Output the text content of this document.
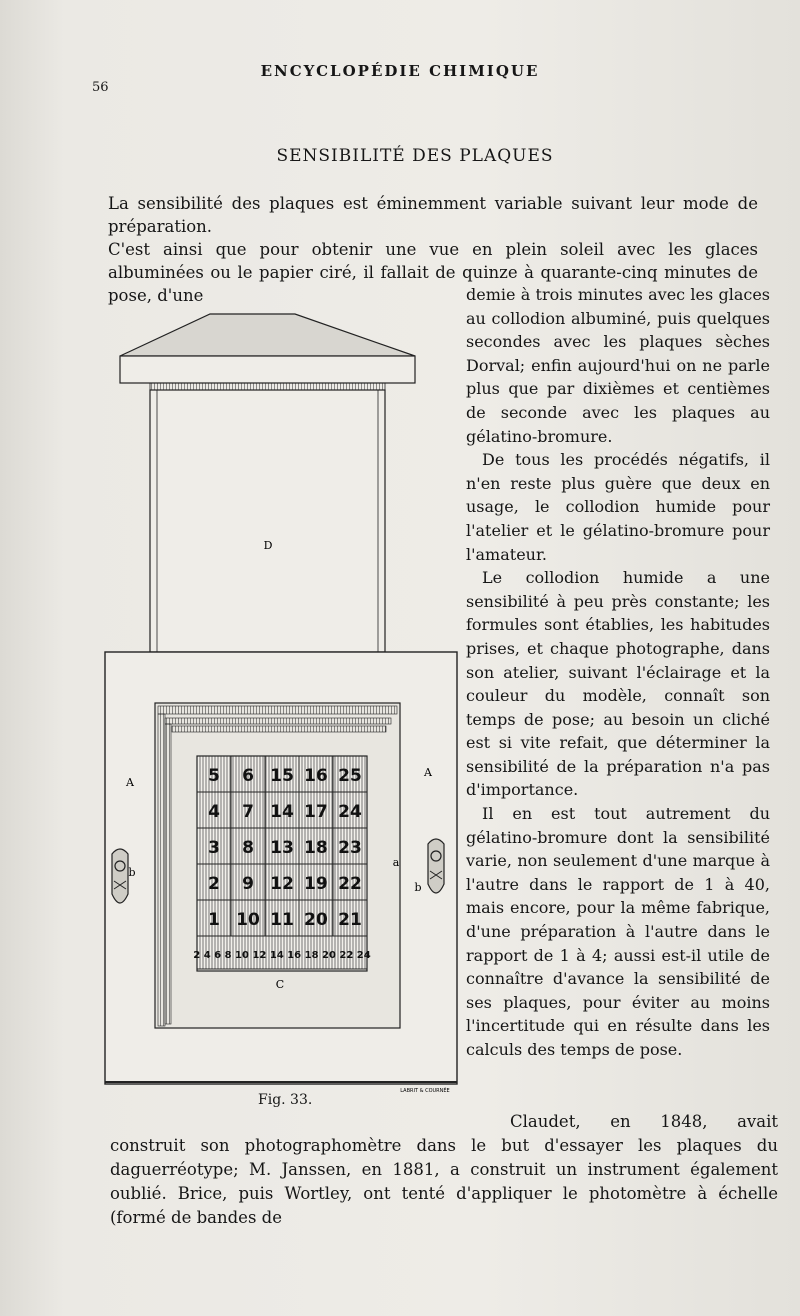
ENCYCLOPÉDIE CHIMIQUE
56
SENSIBILITÉ DES PLAQUES

La sensibilité des plaques est éminemment variable suivant leur mode de préparation.

C'est ainsi que pour obtenir une vue en plein soleil avec les glaces albuminées ou le papier ciré, il fallait de quinze à quarante-cinq minutes de pose, d'une	demie à trois minutes avec les glaces au collodion albuminé, puis quelques secondes avec les plaques sèches Dorval; enfin aujourd'hui on ne parle plus que par dixièmes et centièmes de seconde avec les plaques au gélatino-bromure.

De tous les procédés négatifs, il n'en reste plus guère que deux en usage, le collodion humide pour l'atelier et le gélatino-bromure pour l'amateur.

Le collodion humide a une sensibilité à peu près constante; les formules sont établies, les habitudes prises, et chaque photographe, dans son atelier, suivant l'éclairage et la couleur du modèle, connaît son temps de pose; au besoin un cliché est si vite refait, que déterminer la sensibilité de la préparation n'a pas d'importance.

Il en est tout autrement du gélatino-bromure dont la sensibilité varie, non seulement d'une marque à l'autre dans le rapport de 1 à 40, mais encore, pour la même fabrique, d'une préparation à l'autre dans le rapport de 1 à 4; aussi est-il utile de connaître d'avance la sensibilité de ses plaques, pour éviter au moins l'incertitude qui en résulte dans les calculs des temps de pose.

D
5 6 15 16 25
4 7 14 17 24
3 8 13 18 23
2 9 12 19 22
1 10 11 20 21
2 4 6 8 10 12 14 16 18 20 22 24
A
A
a
b
b
C
LABRIT & COURNÉE
Fig. 33.

Claudet, en 1848, avait construit son photographomètre dans le but d'essayer les plaques du daguerréotype; M. Janssen, en 1881, a construit un instrument également oublié. Brice, puis Wortley, ont tenté d'appliquer le photomètre à échelle (formé de bandes de
